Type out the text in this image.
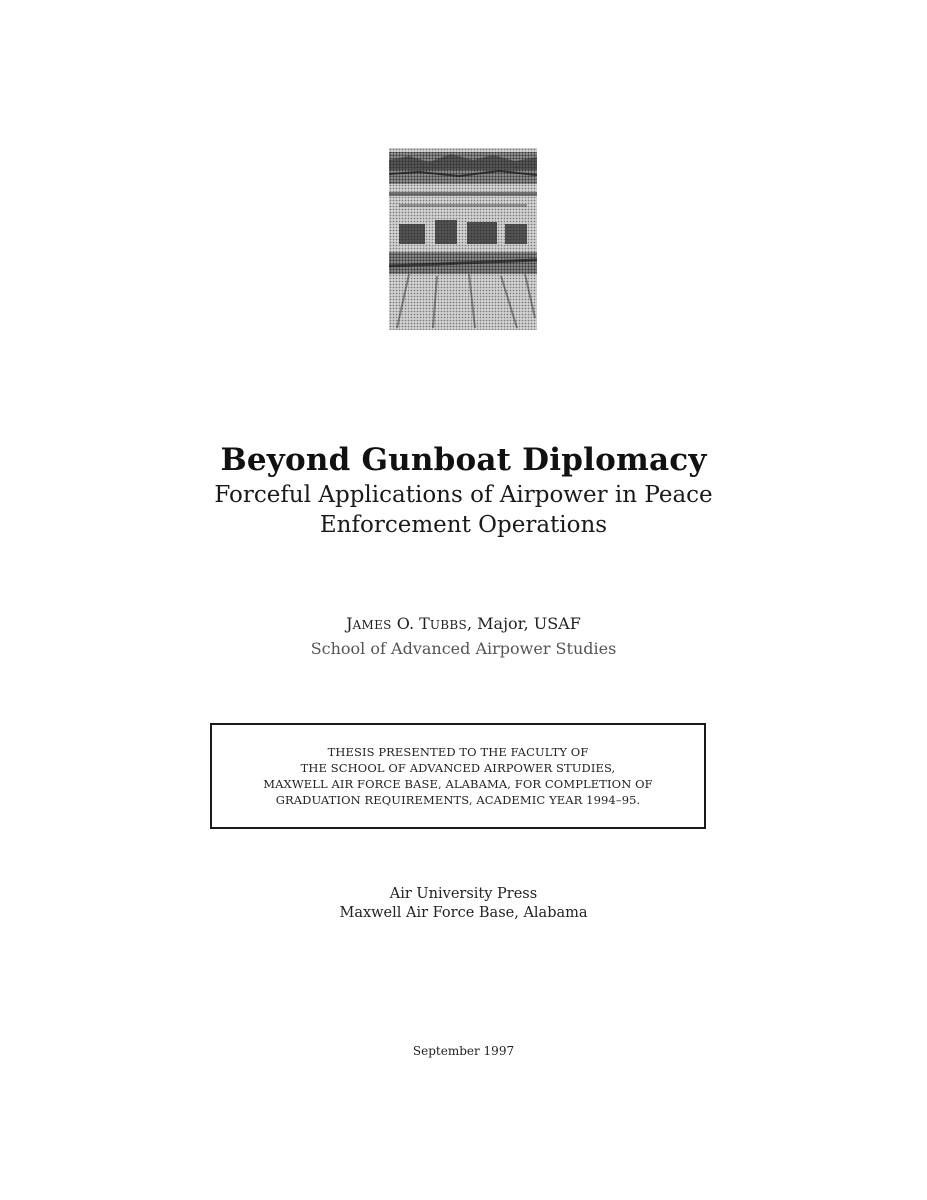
Beyond Gunboat Diplomacy
Forceful Applications of Airpower in Peace
Enforcement Operations
JAMES O. TUBBS, Major, USAF
School of Advanced Airpower Studies
THESIS PRESENTED TO THE FACULTY OF
THE SCHOOL OF ADVANCED AIRPOWER STUDIES,
MAXWELL AIR FORCE BASE, ALABAMA, FOR COMPLETION OF
GRADUATION REQUIREMENTS, ACADEMIC YEAR 1994–95.
Air University Press
Maxwell Air Force Base, Alabama
September 1997
